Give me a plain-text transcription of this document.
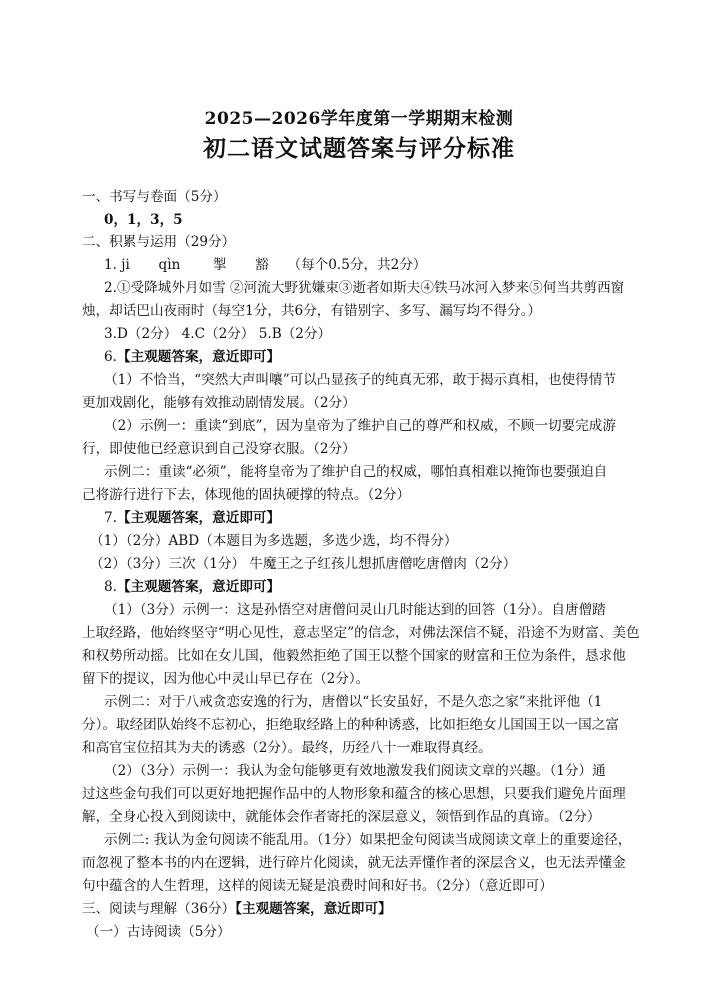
2025—2026学年度第一学期期末检测
初二语文试题答案与评分标准
一、书写与卷面（5分）
0，1，3，5
二、积累与运用（29分）
1. ji qìn 掣 豁 （每个0.5分，共2分）
2.①受降城外月如雪 ②河流大野犹嫌束③逝者如斯夫④铁马冰河入梦来⑤何当共剪西窗
烛，却话巴山夜雨时（每空1分，共6分，有错别字、多写、漏写均不得分。）
3.D（2分） 4.C（2分） 5.B（2分）
6.【主观题答案，意近即可】
（1）不恰当，“突然大声叫嚷”可以凸显孩子的纯真无邪，敢于揭示真相，也使得情节
更加戏剧化，能够有效推动剧情发展。（2分）
（2）示例一：重读“到底”，因为皇帝为了维护自己的尊严和权威，不顾一切要完成游
行，即使他已经意识到自己没穿衣服。（2分）
示例二：重读“必须”，能将皇帝为了维护自己的权威，哪怕真相难以掩饰也要强迫自
己将游行进行下去，体现他的固执硬撑的特点。（2分）
7.【主观题答案，意近即可】
（1）（2分）ABD（本题目为多选题，多选少选，均不得分）
（2）（3分）三次（1分） 牛魔王之子红孩儿想抓唐僧吃唐僧肉（2分）
8.【主观题答案，意近即可】
（1）（3分）示例一：这是孙悟空对唐僧问灵山几时能达到的回答（1分）。自唐僧踏
上取经路，他始终坚守“明心见性，意志坚定”的信念，对佛法深信不疑，沿途不为财富、美色
和权势所动摇。比如在女儿国，他毅然拒绝了国王以整个国家的财富和王位为条件，恳求他
留下的提议，因为他心中灵山早已存在（2分）。
示例二：对于八戒贪恋安逸的行为，唐僧以“长安虽好，不是久恋之家”来批评他（1
分）。取经团队始终不忘初心，拒绝取经路上的种种诱惑，比如拒绝女儿国国王以一国之富
和高官宝位招其为夫的诱惑（2分）。最终，历经八十一难取得真经。
（2）（3分）示例一：我认为金句能够更有效地激发我们阅读文章的兴趣。（1分）通
过这些金句我们可以更好地把握作品中的人物形象和蕴含的核心思想，只要我们避免片面理
解，全身心投入到阅读中，就能体会作者寄托的深层意义，领悟到作品的真谛。（2分）
示例二: 我认为金句阅读不能乱用。（1分）如果把金句阅读当成阅读文章上的重要途径，
而忽视了整本书的内在逻辑，进行碎片化阅读，就无法弄懂作者的深层含义，也无法弄懂金
句中蕴含的人生哲理，这样的阅读无疑是浪费时间和好书。（2分）（意近即可）
三、阅读与理解（36分）【主观题答案，意近即可】
（一）古诗阅读（5分）
